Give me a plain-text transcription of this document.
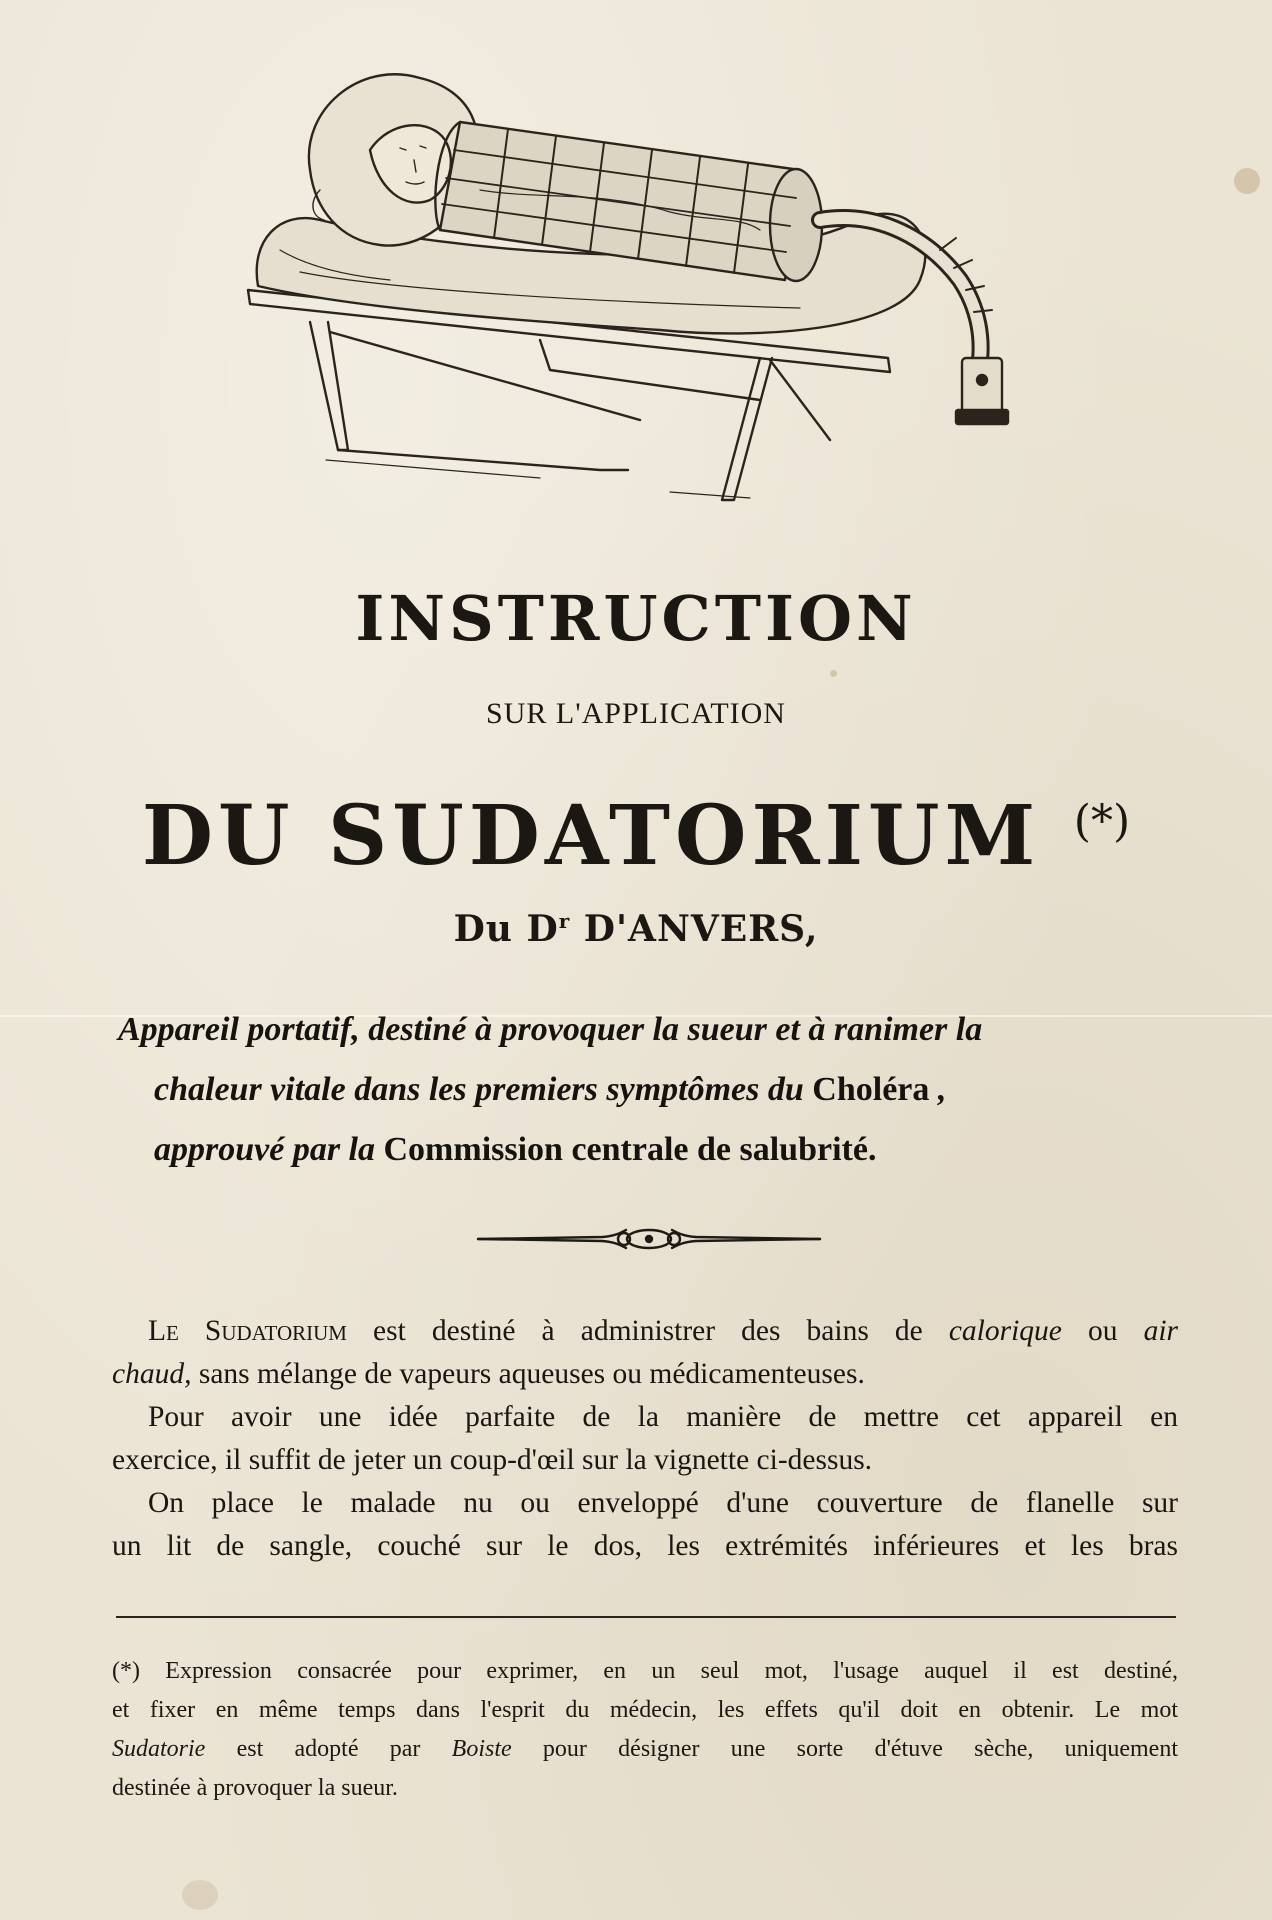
INSTRUCTION
SUR L'APPLICATION
DU SUDATORIUM (*)
Du $D^r$ D'ANVERS,
Appareil portatif, destiné à provoquer la sueur et à ranimer la
chaleur vitale dans les premiers symptômes du Choléra ,
approuvé par la Commission centrale de salubrité.
Le Sudatorium est destiné à administrer des bains de calorique ou air
chaud, sans mélange de vapeurs aqueuses ou médicamenteuses.
Pour avoir une idée parfaite de la manière de mettre cet appareil en
exercice, il suffit de jeter un coup-d'œil sur la vignette ci-dessus.
On place le malade nu ou enveloppé d'une couverture de flanelle sur
un lit de sangle, couché sur le dos, les extrémités inférieures et les bras
(*) Expression consacrée pour exprimer, en un seul mot, l'usage auquel il est destiné,
et fixer en même temps dans l'esprit du médecin, les effets qu'il doit en obtenir. Le mot
Sudatorie est adopté par Boiste pour désigner une sorte d'étuve sèche, uniquement
destinée à provoquer la sueur.
